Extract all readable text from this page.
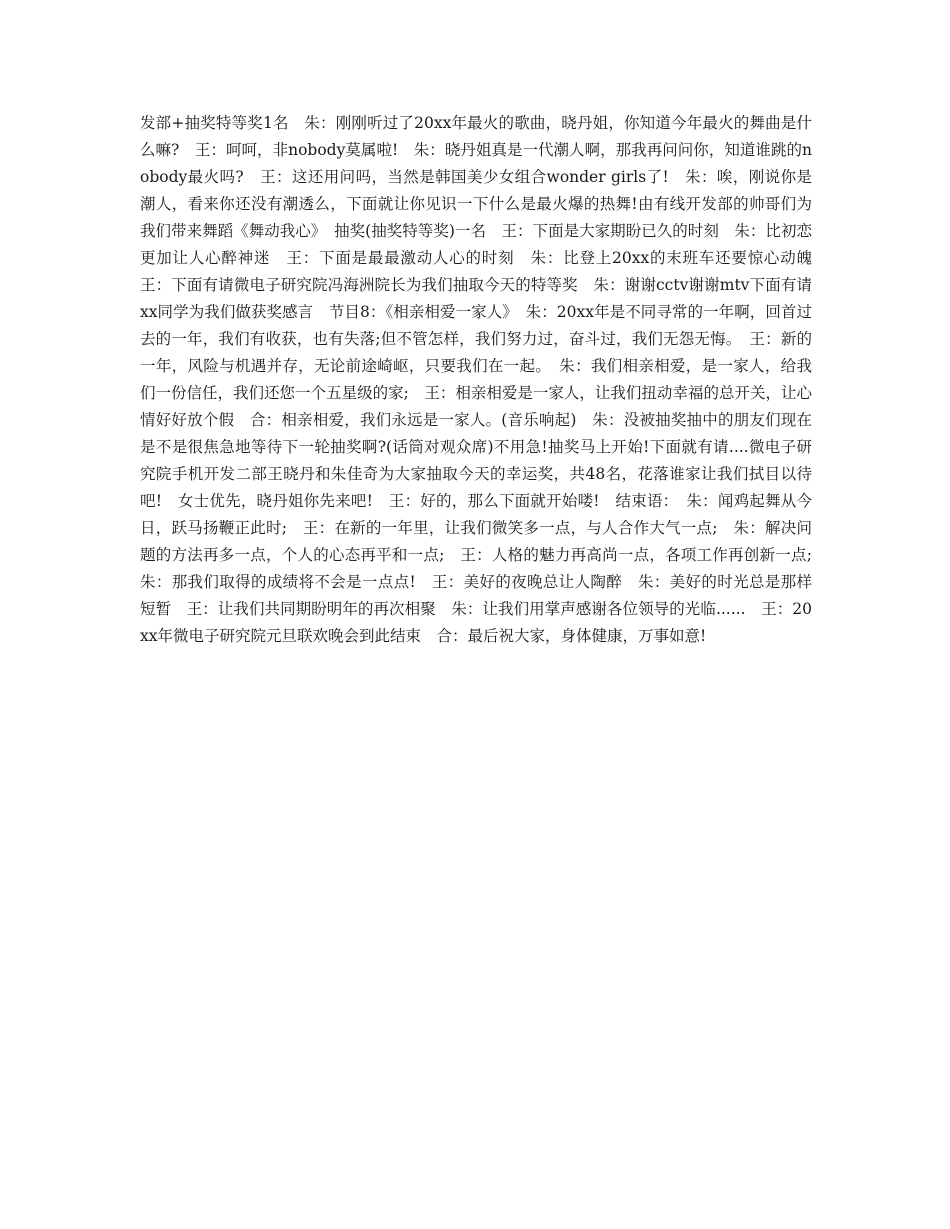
发部+抽奖特等奖1名　朱：刚刚听过了20xx年最火的歌曲，晓丹姐，你知道今年最火的舞曲是什么嘛?　王：呵呵，非nobody莫属啦!　朱：晓丹姐真是一代潮人啊，那我再问问你，知道谁跳的nobody最火吗?　王：这还用问吗，当然是韩国美少女组合wonder girls了!　朱：唉，刚说你是潮人，看来你还没有潮透么，下面就让你见识一下什么是最火爆的热舞!由有线开发部的帅哥们为我们带来舞蹈《舞动我心》　抽奖(抽奖特等奖)一名　王：下面是大家期盼已久的时刻　朱：比初恋更加让人心醉神迷　王：下面是最最激动人心的时刻　朱：比登上20xx的末班车还要惊心动魄　王：下面有请微电子研究院冯海洲院长为我们抽取今天的特等奖　朱：谢谢cctv谢谢mtv下面有请xx同学为我们做获奖感言　节目8：《相亲相爱一家人》　朱：20xx年是不同寻常的一年啊，回首过去的一年，我们有收获，也有失落;但不管怎样，我们努力过，奋斗过，我们无怨无悔。　王：新的一年，风险与机遇并存，无论前途崎岖，只要我们在一起。　朱：我们相亲相爱，是一家人，给我们一份信任，我们还您一个五星级的家;　王：相亲相爱是一家人，让我们扭动幸福的总开关，让心情好好放个假　合：相亲相爱，我们永远是一家人。(音乐响起)　朱：没被抽奖抽中的朋友们现在是不是很焦急地等待下一轮抽奖啊?(话筒对观众席)不用急!抽奖马上开始!下面就有请....微电子研究院手机开发二部王晓丹和朱佳奇为大家抽取今天的幸运奖，共48名，花落谁家让我们拭目以待吧!　女士优先，晓丹姐你先来吧!　王：好的，那么下面就开始喽!　结束语：　朱：闻鸡起舞从今日，跃马扬鞭正此时;　王：在新的一年里，让我们微笑多一点，与人合作大气一点;　朱：解决问题的方法再多一点，个人的心态再平和一点;　王：人格的魅力再高尚一点，各项工作再创新一点;　朱：那我们取得的成绩将不会是一点点!　王：美好的夜晚总让人陶醉　朱：美好的时光总是那样短暂　王：让我们共同期盼明年的再次相聚　朱：让我们用掌声感谢各位领导的光临......　王：20xx年微电子研究院元旦联欢晚会到此结束　合：最后祝大家，身体健康，万事如意!
